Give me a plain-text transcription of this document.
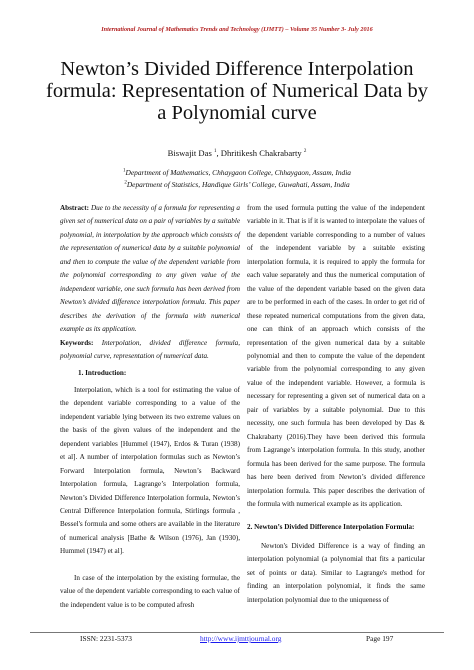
International Journal of Mathematics Trends and Technology (IJMTT) – Volume 35 Number 3- July 2016
Newton’s Divided Difference Interpolation formula: Representation of Numerical Data by a Polynomial curve
Biswajit Das $^1$, Dhritikesh Chakrabarty $^2$
$^1$Department of Mathematics, Chhaygaon College, Chhaygaon, Assam, India
$^2$Department of Statistics, Handique Girls’ College, Guwahati, Assam, India

Abstract: Due to the necessity of a formula for representing a given set of numerical data on a pair of variables by a suitable polynomial, in interpolation by the approach which consists of the representation of numerical data by a suitable polynomial and then to compute the value of the dependent variable from the polynomial corresponding to any given value of the independent variable, one such formula has been derived from Newton’s divided difference interpolation formula. This paper describes the derivation of the formula with numerical example as its application.

Keywords: Interpolation, divided difference formula, polynomial curve, representation of numerical data.

1. Introduction:

Interpolation, which is a tool for estimating the value of the dependent variable corresponding to a value of the independent variable lying between its two extreme values on the basis of the given values of the independent and the dependent variables [Hummel (1947), Erdos & Turan (1938) et al]. A number of interpolation formulas such as Newton’s Forward Interpolation formula, Newton’s Backward Interpolation formula, Lagrange’s Interpolation formula, Newton’s Divided Difference Interpolation formula, Newton’s Central Difference Interpolation formula, Stirlings formula , Bessel's formula and some others are available in the literature of numerical analysis [Bathe & Wilson (1976), Jan (1930), Hummel (1947) et al].

In case of the interpolation by the existing formulae, the value of the dependent variable corresponding to each value of the independent value is to be computed afresh

from the used formula putting the value of the independent variable in it. That is if it is wanted to interpolate the values of the dependent variable corresponding to a number of values of the independent variable by a suitable existing interpolation formula, it is required to apply the formula for each value separately and thus the numerical computation of the value of the dependent variable based on the given data are to be performed in each of the cases. In order to get rid of these repeated numerical computations from the given data, one can think of an approach which consists of the representation of the given numerical data by a suitable polynomial and then to compute the value of the dependent variable from the polynomial corresponding to any given value of the independent variable. However, a formula is necessary for representing a given set of numerical data on a pair of variables by a suitable polynomial. Due to this necessity, one such formula has been developed by Das & Chakrabarty (2016).They have been derived this formula from Lagrange’s interpolation formula. In this study, another formula has been derived for the same purpose. The formula has here been derived from Newton’s divided difference interpolation formula. This paper describes the derivation of the formula with numerical example as its application.

2. Newton’s Divided Difference Interpolation Formula:

Newton's Divided Difference is a way of finding an interpolation polynomial (a polynomial that fits a particular set of points or data). Similar to Lagrange's method for finding an interpolation polynomial, it finds the same interpolation polynomial due to the uniqueness of

ISSN: 2231-5373	http://www.ijmttjournal.org	Page 197
